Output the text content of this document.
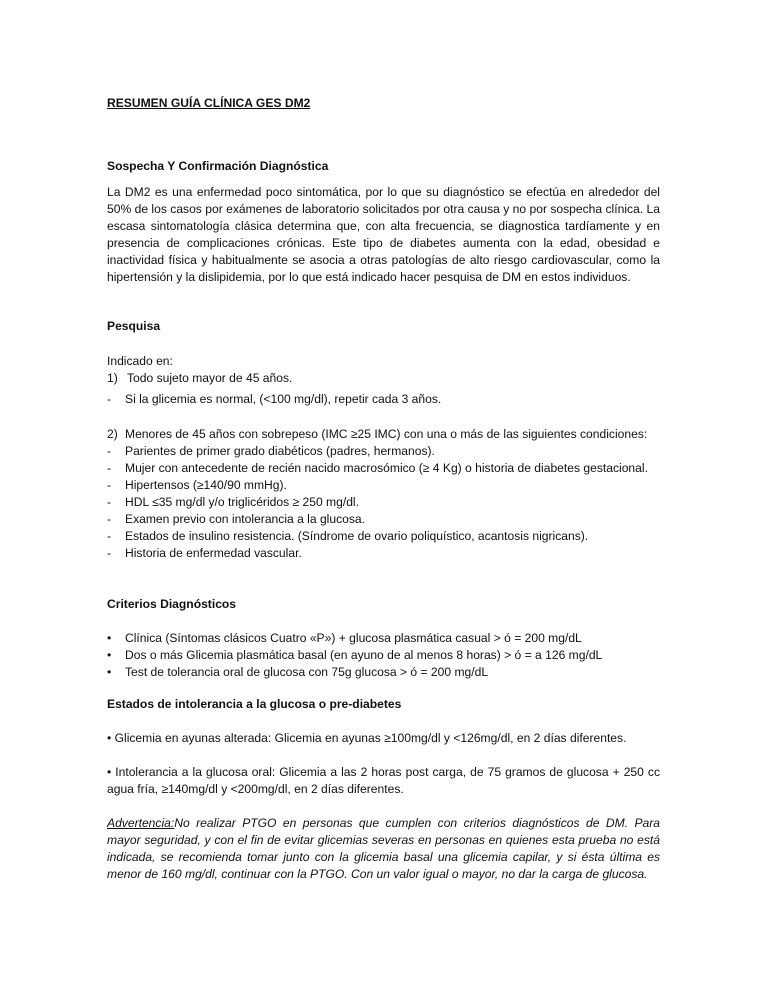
RESUMEN GUÍA CLÍNICA GES DM2
Sospecha Y Confirmación Diagnóstica
La DM2 es una enfermedad poco sintomática, por lo que su diagnóstico se efectúa en alrededor del 50% de los casos por exámenes de laboratorio solicitados por otra causa y no por sospecha clínica. La escasa sintomatología clásica determina que, con alta frecuencia, se diagnostica tardíamente y en presencia de complicaciones crónicas. Este tipo de diabetes aumenta con la edad, obesidad e inactividad física y habitualmente se asocia a otras patologías de alto riesgo cardiovascular, como la hipertensión y la dislipidemia, por lo que está indicado hacer pesquisa de DM en estos individuos.
Pesquisa
Indicado en:
1) Todo sujeto mayor de 45 años.
-	Si la glicemia es normal, (<100 mg/dl), repetir cada 3 años.
2) Menores de 45 años con sobrepeso (IMC ≥25 IMC) con una o más de las siguientes condiciones:
-	Parientes de primer grado diabéticos (padres, hermanos).
-	Mujer con antecedente de recién nacido macrosómico (≥ 4 Kg) o historia de diabetes gestacional.
-	Hipertensos (≥140/90 mmHg).
-	HDL ≤35 mg/dl y/o triglicéridos ≥ 250 mg/dl.
-	Examen previo con intolerancia a la glucosa.
-	Estados de insulino resistencia. (Síndrome de ovario poliquístico, acantosis nigricans).
-	Historia de enfermedad vascular.
Criterios Diagnósticos
•	Clínica (Síntomas clásicos Cuatro «P») + glucosa plasmática casual > ó = 200 mg/dL
•	Dos o más Glicemia plasmática basal (en ayuno de al menos 8 horas) > ó = a 126 mg/dL
•	Test de tolerancia oral de glucosa con 75g glucosa > ó = 200 mg/dL
Estados de intolerancia a la glucosa o pre-diabetes
• Glicemia en ayunas alterada: Glicemia en ayunas ≥100mg/dl y <126mg/dl, en 2 días diferentes.
• Intolerancia a la glucosa oral: Glicemia a las 2 horas post carga, de 75 gramos de glucosa + 250 cc agua fría, ≥140mg/dl y <200mg/dl, en 2 días diferentes.
Advertencia:No realizar PTGO en personas que cumplen con criterios diagnósticos de DM. Para mayor seguridad, y con el fin de evitar glicemias severas en personas en quienes esta prueba no está indicada, se recomienda tomar junto con la glicemia basal una glicemia capilar, y si ésta última es menor de 160 mg/dl, continuar con la PTGO. Con un valor igual o mayor, no dar la carga de glucosa.
